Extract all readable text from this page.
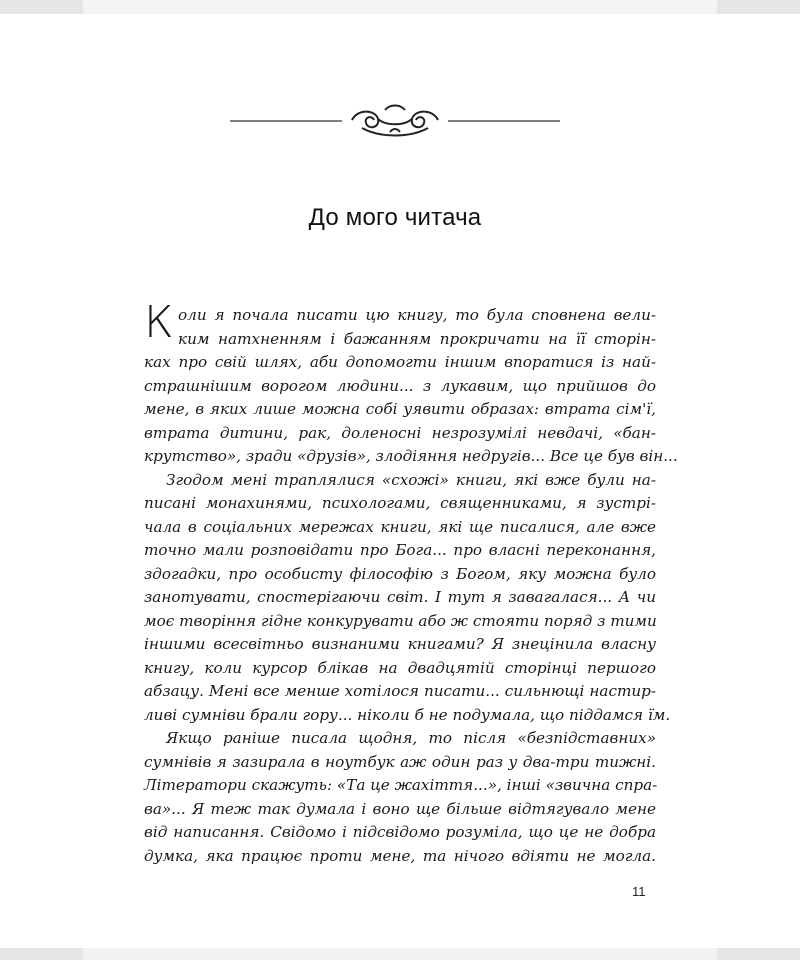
До мого читача
К оли я почала писати цю книгу, то була сповнена вели-
ким натхненням і бажанням прокричати на її сторін-
ках про свій шлях, аби допомогти іншим впоратися із най-
страшнішим ворогом людини... з лукавим, що прийшов до
мене, в яких лише можна собі уявити образах: втрата сім'ї,
втрата дитини, рак, доленосні незрозумілі невдачі, «бан-
крутство», зради «друзів», злодіяння недругів... Все це був він...
Згодом мені траплялися «схожі» книги, які вже були на-
писані монахинями, психологами, священниками, я зустрі-
чала в соціальних мережах книги, які ще писалися, але вже
точно мали розповідати про Бога... про власні переконання,
здогадки, про особисту філософію з Богом, яку можна було
занотувати, спостерігаючи світ. І тут я завагалася... А чи
моє творіння гідне конкурувати або ж стояти поряд з тими
іншими всесвітньо визнаними книгами? Я знецінила власну
книгу, коли курсор блікав на двадцятій сторінці першого
абзацу. Мені все менше хотілося писати... сильнющі настир-
ливі сумніви брали гору... ніколи б не подумала, що піддамся їм.
Якщо раніше писала щодня, то після «безпідставних»
сумнівів я зазирала в ноутбук аж один раз у два-три тижні.
Літератори скажуть: «Та це жахіття...», інші «звична спра-
ва»... Я теж так думала і воно ще більше відтягувало мене
від написання. Свідомо і підсвідомо розуміла, що це не добра
думка, яка працює проти мене, та нічого вдіяти не могла.
11
